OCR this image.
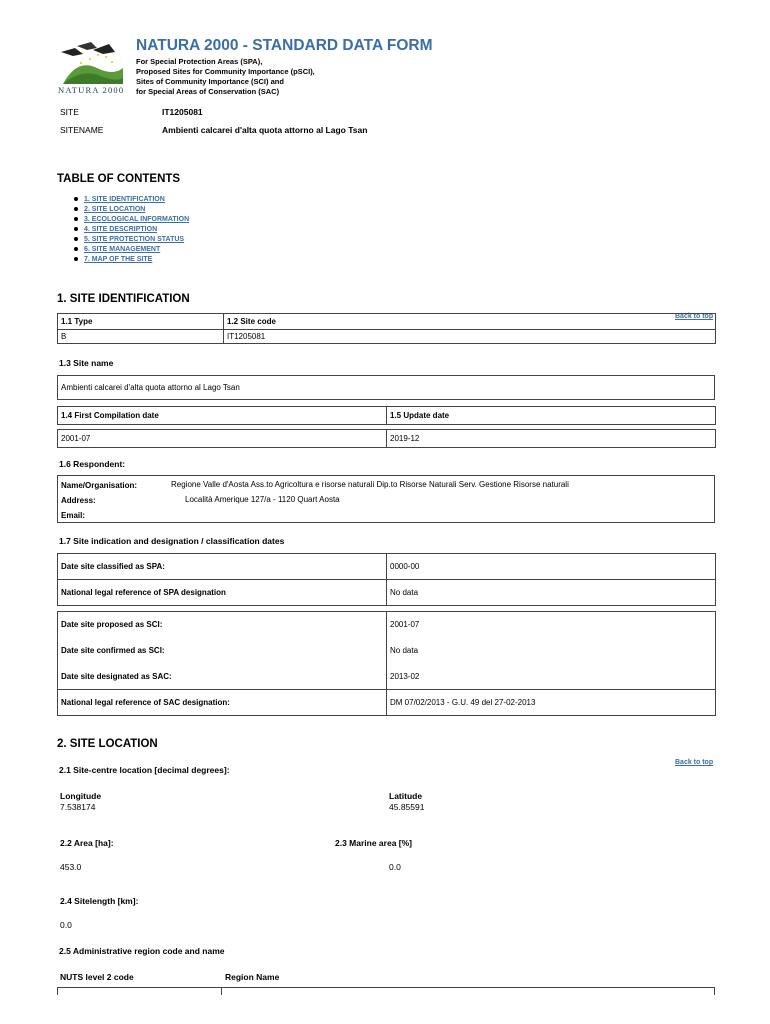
NATURA 2000
NATURA 2000 - STANDARD DATA FORM
For Special Protection Areas (SPA),
Proposed Sites for Community Importance (pSCI),
Sites of Community Importance (SCI) and
for Special Areas of Conservation (SAC)
SITE	IT1205081
SITENAME	Ambienti calcarei d'alta quota attorno al Lago Tsan
TABLE OF CONTENTS
1. SITE IDENTIFICATION
2. SITE LOCATION
3. ECOLOGICAL INFORMATION
4. SITE DESCRIPTION
5. SITE PROTECTION STATUS
6. SITE MANAGEMENT
7. MAP OF THE SITE
1. SITE IDENTIFICATION
Back to top
1.1 Type	1.2 Site code
B	IT1205081
1.3 Site name
Ambienti calcarei d'alta quota attorno al Lago Tsan
1.4 First Compilation date	1.5 Update date
2001-07	2019-12
1.6 Respondent:
Name/Organisation:	Regione Valle d'Aosta Ass.to Agricoltura e risorse naturali Dip.to Risorse Naturali Serv. Gestione Risorse naturali
Address:	Località Amerique 127/a - 1120 Quart Aosta
Email:
1.7 Site indication and designation / classification dates
Date site classified as SPA:	0000-00
National legal reference of SPA designation	No data
Date site proposed as SCI:	2001-07
Date site confirmed as SCI:	No data
Date site designated as SAC:	2013-02
National legal reference of SAC designation:	DM 07/02/2013 - G.U. 49 del 27-02-2013
2. SITE LOCATION
Back to top
2.1 Site-centre location [decimal degrees]:
Longitude
7.538174
Latitude
45.85591
2.2 Area [ha]:	2.3 Marine area [%]
453.0	0.0
2.4 Sitelength [km]:
0.0
2.5 Administrative region code and name
NUTS level 2 code	Region Name
